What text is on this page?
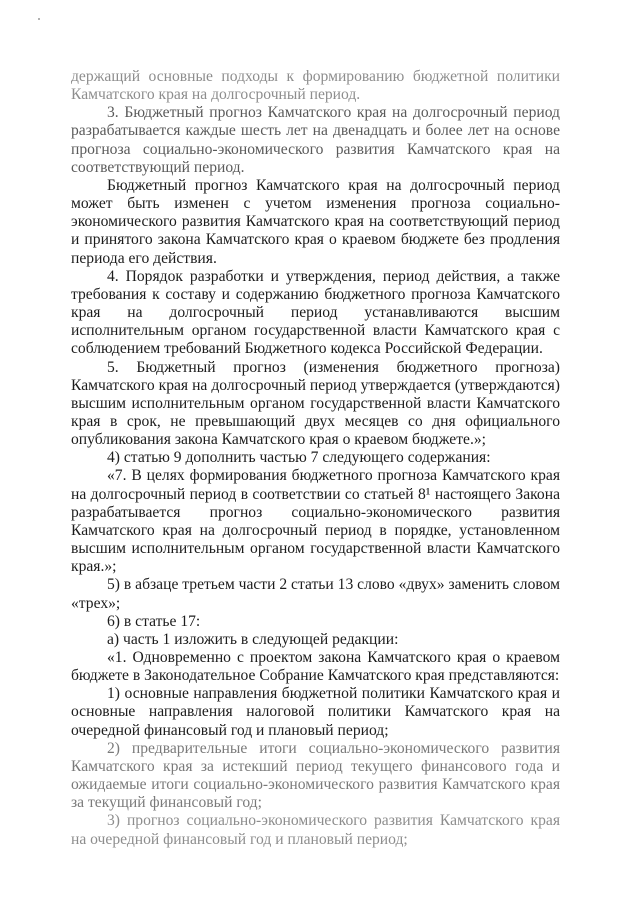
держащий основные подходы к формированию бюджетной политики Камчатского края на долгосрочный период.

3. Бюджетный прогноз Камчатского края на долгосрочный период разрабатывается каждые шесть лет на двенадцать и более лет на основе прогноза социально-экономического развития Камчатского края на соответствующий период.

Бюджетный прогноз Камчатского края на долгосрочный период может быть изменен с учетом изменения прогноза социально-экономического развития Камчатского края на соответствующий период и принятого закона Камчатского края о краевом бюджете без продления периода его действия.

4. Порядок разработки и утверждения, период действия, а также требования к составу и содержанию бюджетного прогноза Камчатского края на долгосрочный период устанавливаются высшим исполнительным органом государственной власти Камчатского края с соблюдением требований Бюджетного кодекса Российской Федерации.

5. Бюджетный прогноз (изменения бюджетного прогноза) Камчатского края на долгосрочный период утверждается (утверждаются) высшим исполнительным органом государственной власти Камчатского края в срок, не превышающий двух месяцев со дня официального опубликования закона Камчатского края о краевом бюджете.»;

4) статью 9 дополнить частью 7 следующего содержания:

«7. В целях формирования бюджетного прогноза Камчатского края на долгосрочный период в соответствии со статьей 8¹ настоящего Закона разрабатывается прогноз социально-экономического развития Камчатского края на долгосрочный период в порядке, установленном высшим исполнительным органом государственной власти Камчатского края.»;

5) в абзаце третьем части 2 статьи 13 слово «двух» заменить словом «трех»;

6) в статье 17:

а) часть 1 изложить в следующей редакции:

«1. Одновременно с проектом закона Камчатского края о краевом бюджете в Законодательное Собрание Камчатского края представляются:

1) основные направления бюджетной политики Камчатского края и основные направления налоговой политики Камчатского края на очередной финансовый год и плановый период;

2) предварительные итоги социально-экономического развития Камчатского края за истекший период текущего финансового года и ожидаемые итоги социально-экономического развития Камчатского края за текущий финансовый год;

3) прогноз социально-экономического развития Камчатского края на очередной финансовый год и плановый период;
